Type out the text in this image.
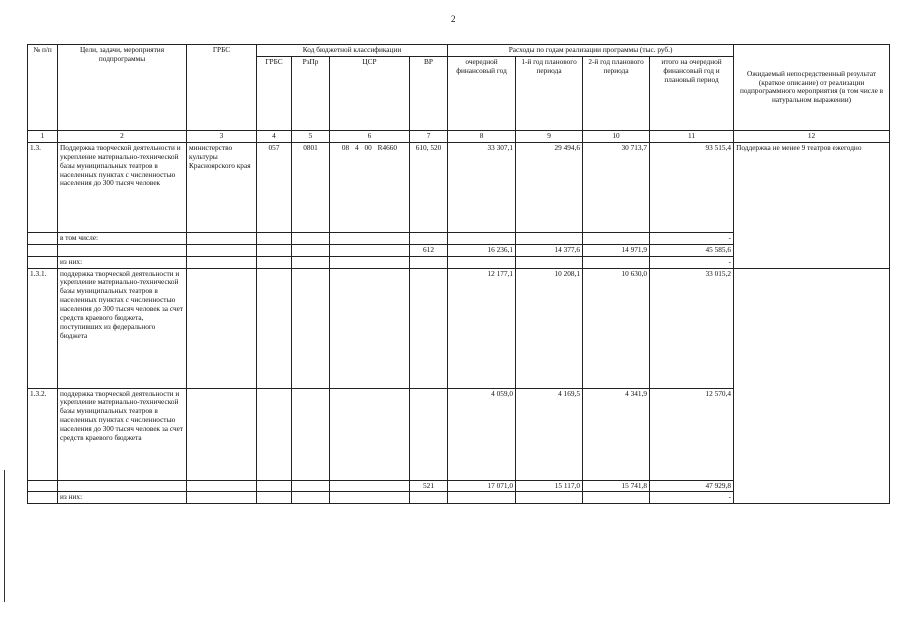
2
№ п/п	Цели, задачи, мероприятия подпрограммы	ГРБС	Код бюджетной классификации				Расходы по годам реализации программы (тыс. руб.)				Ожидаемый непосредственный результат (краткое описание) от реализации подпрограммного мероприятия (в том числе в натуральном выражении)
			ГРБС	РзПр	ЦСР	ВР	очередной финансовый год	1-й год планового периода	2-й год планового периода	итого на очередной финансовый год и плановый период	
1	2	3	4	5	6	7	8	9	10	11	12
1.3.	Поддержка творческой деятельности и укрепление материально-технической базы муниципальных театров в населенных пунктах с численностью населения до 300 тысяч человек	министерство культуры Красноярского края	057	0801	08 4 00 R4660	610, 520	33 307,1	29 494,6	30 713,7	93 515,4	Поддержка не менее 9 театров ежегодно
	в том числе:									-	
						612	16 236,1	14 377,6	14 971,9	45 585,6	
	из них:									-	
1.3.1.	поддержка творческой деятельности и укрепление материально-технической базы муниципальных театров в населенных пунктах с численностью населения до 300 тысяч человек за счет средств краевого бюджета, поступивших из федерального бюджета						12 177,1	10 208,1	10 630,0	33 015,2	
1.3.2.	поддержка творческой деятельности и укрепление материально-технической базы муниципальных театров в населенных пунктах с численностью населения до 300 тысяч человек за счет средств краевого бюджета						4 059,0	4 169,5	4 341,9	12 570,4	
						521	17 071,0	15 117,0	15 741,8	47 929,8	
	из них:									-	
